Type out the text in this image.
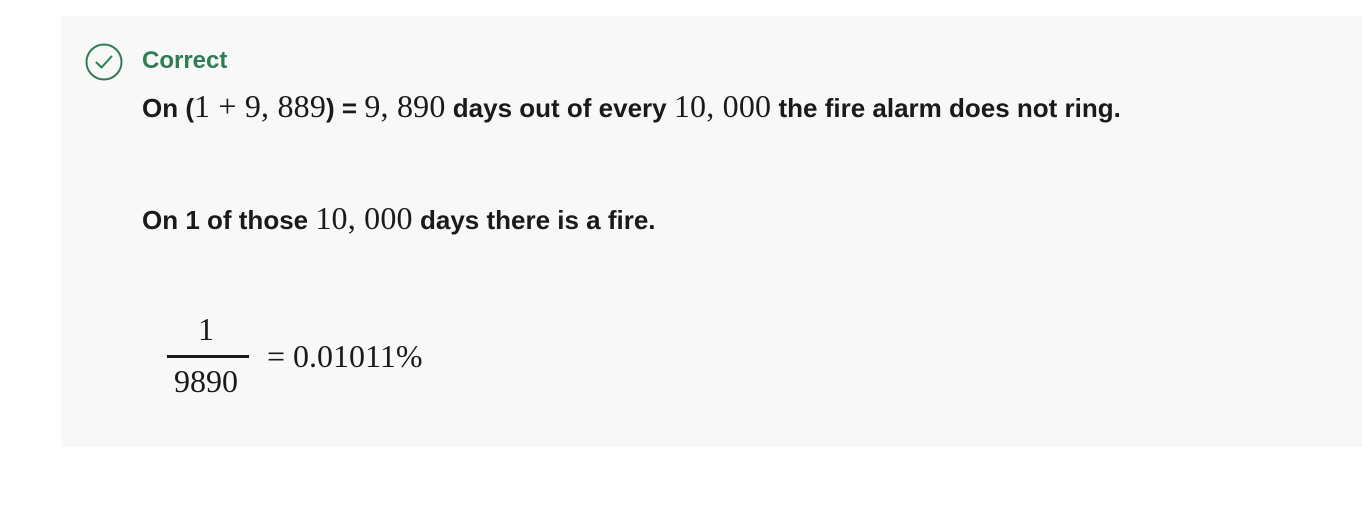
Correct
On (1 + 9, 889) = 9, 890 days out of every 10, 000 the fire alarm does not ring.
On 1 of those 10, 000 days there is a fire.
1
9890
= 0.01011%
